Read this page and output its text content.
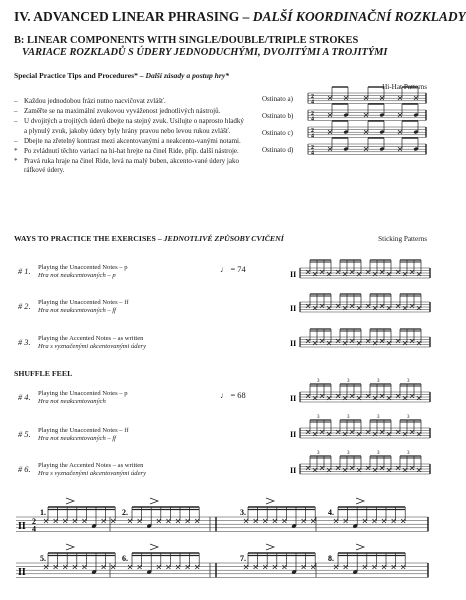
IV. ADVANCED LINEAR PHRASING – DALŠÍ KOORDINAČNÍ ROZKLADY
B: LINEAR COMPONENTS WITH SINGLE/DOUBLE/TRIPLE STROKES
VARIACE ROZKLADŮ S ÚDERY JEDNODUCHÝMI, DVOJITÝMI A TROJITÝMI
Special Practice Tips and Procedures* – Další zásady a postup hry*
– Každou jednodobou frázi nutno nacvičovat zvlášť.
– Zaměřte se na maximální zvukovou vyváženost jednotlivých nástrojů.
– U dvojitých a trojitých úderů dbejte na stejný zvuk. Usilujte o naprosto hladký a plynulý zvuk, jakoby údery byly hrány pravou nebo levou rukou zvlášť.
– Dbejte na zřetelný kontrast mezi akcentovanými a neakcento-vanými notami.
* Po zvládnutí těchto variací na hi-hat hrejte na činel Ride, příp. další nástroje.
* Pravá ruka hraje na činel Ride, levá na malý buben, akcento-vané údery jako ráfkové údery.
Hi-Hat Patterns
Ostinato a)
Ostinato b)
Ostinato c)
Ostinato d)
2
4
2
4
2
4
2
4
WAYS TO PRACTICE THE EXERCISES – JEDNOTLIVÉ ZPŮSOBY CVIČENÍ	Sticking Patterns
# 1. Playing the Unaccented Notes – p
Hra not neakcentovaných – p
♩ = 74
# 2. Playing the Unaccented Notes – ff
Hra not neakcentovaných – ff
# 3. Playing the Accented Notes – as written
Hra s vyznačenými akcentovanými údery
SHUFFLE FEEL
# 4. Playing the Unaccented Notes – p
Hra not neakcentovaných
♩ = 68
# 5. Playing the Unaccented Notes – ff
Hra not neakcentovaných – ff
# 6. Playing the Accented Notes – as written
Hra s vyznačenými akcentovanými údery
II
II
II
II
3	3	3	3
II
3	3	3	3
II
3	3	3	3
II 2
4
1.	2.	3.	4.
II
5.	6.	7.	8.
